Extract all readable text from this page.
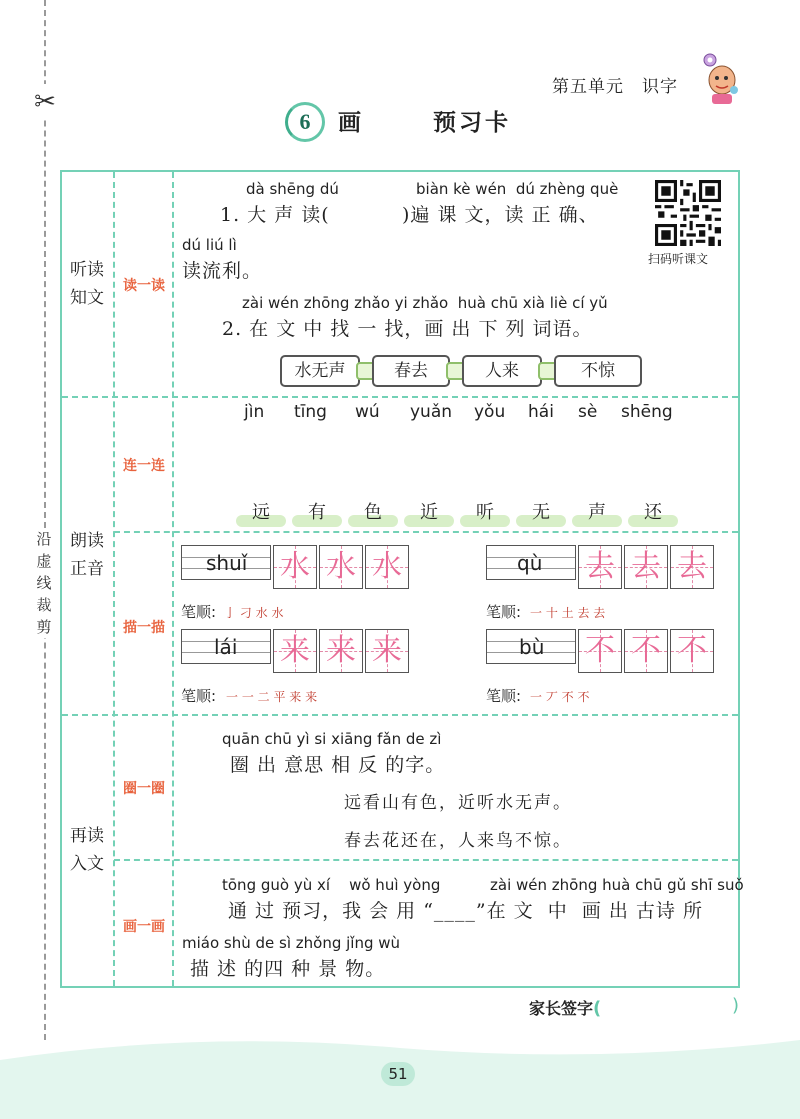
✂
沿
虚
线
裁
剪
第五单元　识字
6	画	预习卡
听读
知文
朗读
正音
再读
入文
读一读
连一连
描一描
圈一圈
画一画
dà shēng dú	biàn kè wén  dú zhèng què
1. 大 声 读(	)遍 课 文，读 正 确、
dú liú lì
读流利。
zài wén zhōng zhǎo yi zhǎo  huà chū xià liè cí yǔ
2. 在 文 中 找 一 找，画 出 下 列 词语。
扫码听课文
水无声	春去	人来	不惊
jìn tīng wú yuǎn yǒu hái sè shēng
远	有	色	近	听	无	声	还
shuǐ 水 水 水
笔顺: 亅 刁 水 水
qù 去 去 去
笔顺: 一 十 土 去 去
lái 来 来 来
笔顺: 一 一 二 平 来 来
bù 不 不 不
笔顺: 一 丆 不 不
quān chū yì si xiāng fǎn de zì
圈 出 意思 相 反 的字。
远看山有色，近听水无声。
春去花还在，人来鸟不惊。
tōng guò yù xí    wǒ huì yòng	zài wén zhōng huà chū gǔ shī suǒ
通 过 预习，我 会 用 “____”在 文  中  画 出 古诗 所
miáo shù de sì zhǒng jǐng wù
描 述 的四 种 景 物。
家长签字(	)
51
